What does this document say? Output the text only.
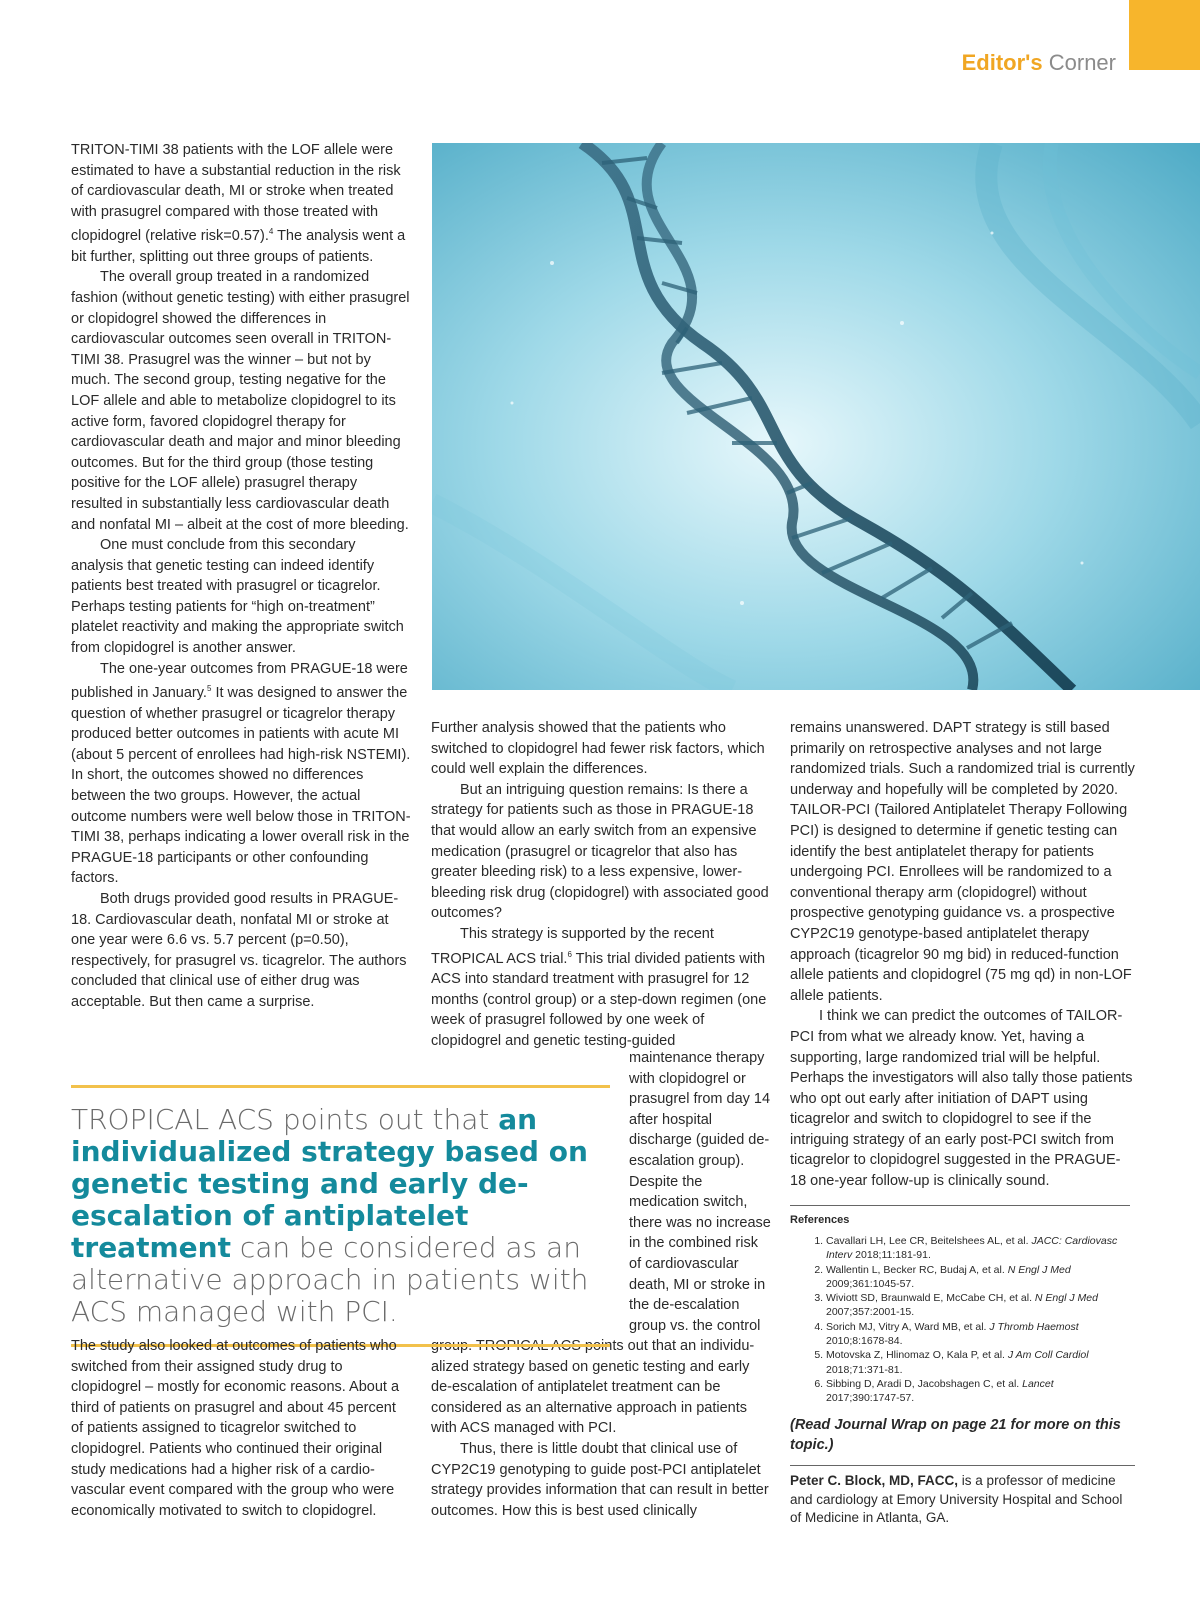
Editor's Corner

TRITON-TIMI 38 patients with the LOF allele were estimated to have a substantial reduction in the risk of cardiovascular death, MI or stroke when treated with prasugrel compared with those treated with clopidogrel (relative risk=0.57).$^4$ The analysis went a bit further, splitting out three groups of patients.

The overall group treated in a randomized fashion (without genetic testing) with either prasugrel or clopidogrel showed the differences in cardiovascular outcomes seen overall in TRITON-TIMI 38. Prasugrel was the winner – but not by much. The second group, testing negative for the LOF allele and able to metabolize clopidogrel to its active form, favored clopidogrel therapy for cardiovascular death and major and minor bleeding outcomes. But for the third group (those testing positive for the LOF allele) prasugrel therapy resulted in substantially less cardiovascular death and nonfatal MI – albeit at the cost of more bleeding.

One must conclude from this secondary analysis that genetic testing can indeed identify patients best treated with prasugrel or ticagrelor. Perhaps testing patients for “high on-treatment” platelet reactivity and making the appropriate switch from clopidogrel is another answer.

The one-year outcomes from PRAGUE-18 were published in January.$^5$ It was designed to answer the question of whether prasugrel or ticagrelor therapy produced better outcomes in patients with acute MI (about 5 percent of enrollees had high-risk NSTEMI). In short, the outcomes showed no differences between the two groups. However, the actual outcome numbers were well below those in TRITON-TIMI 38, perhaps indicating a lower overall risk in the PRAGUE-18 participants or other confounding factors.

Both drugs provided good results in PRAGUE-18. Cardiovascular death, nonfatal MI or stroke at one year were 6.6 vs. 5.7 percent (p=0.50), respectively, for prasugrel vs. ticagrelor. The authors concluded that clinical use of either drug was acceptable. But then came a surprise.

Further analysis showed that the patients who switched to clopidogrel had fewer risk factors, which could well explain the differences.

But an intriguing question remains: Is there a strategy for patients such as those in PRAGUE-18 that would allow an early switch from an expensive medication (prasugrel or ticagrelor that also has greater bleeding risk) to a less expensive, lower-bleeding risk drug (clopidogrel) with associated good outcomes?

This strategy is supported by the recent TROPICAL ACS trial.$^6$ This trial divided patients with ACS into standard treatment with prasugrel for 12 months (control group) or a step-down regimen (one week of prasugrel followed by one week of clopidogrel and genetic testing-guided

maintenance therapy with clopidogrel or prasugrel from day 14 after hospital discharge (guided de-escalation group). Despite the medication switch, there was no increase in the combined risk of cardiovascular death, MI or stroke in the de-escalation group vs. the control

group. TROPICAL ACS points out that an individu-alized strategy based on genetic testing and early de-escalation of antiplatelet treatment can be considered as an alternative approach in patients with ACS managed with PCI.

Thus, there is little doubt that clinical use of CYP2C19 genotyping to guide post-PCI antiplatelet strategy provides information that can result in better outcomes. How this is best used clinically

TROPICAL ACS points out that an individualized strategy based on genetic testing and early de-escalation of antiplatelet treatment can be considered as an alternative approach in patients with ACS managed with PCI.

The study also looked at outcomes of patients who switched from their assigned study drug to clopidogrel – mostly for economic reasons. About a third of patients on prasugrel and about 45 percent of patients assigned to ticagrelor switched to clopidogrel. Patients who continued their original study medications had a higher risk of a cardio-vascular event compared with the group who were economically motivated to switch to clopidogrel.

remains unanswered. DAPT strategy is still based primarily on retrospective analyses and not large randomized trials. Such a randomized trial is currently underway and hopefully will be completed by 2020. TAILOR-PCI (Tailored Antiplatelet Therapy Following PCI) is designed to determine if genetic testing can identify the best antiplatelet therapy for patients undergoing PCI. Enrollees will be randomized to a conventional therapy arm (clopidogrel) without prospective genotyping guidance vs. a prospective CYP2C19 genotype-based antiplatelet therapy approach (ticagrelor 90 mg bid) in reduced-function allele patients and clopidogrel (75 mg qd) in non-LOF allele patients.

I think we can predict the outcomes of TAILOR-PCI from what we already know. Yet, having a supporting, large randomized trial will be helpful. Perhaps the investigators will also tally those patients who opt out early after initiation of DAPT using ticagrelor and switch to clopidogrel to see if the intriguing strategy of an early post-PCI switch from ticagrelor to clopidogrel suggested in the PRAGUE-18 one-year follow-up is clinically sound.

References

1. Cavallari LH, Lee CR, Beitelshees AL, et al. JACC: Cardiovasc Interv 2018;11:181-91.
2. Wallentin L, Becker RC, Budaj A, et al. N Engl J Med 2009;361:1045-57.
3. Wiviott SD, Braunwald E, McCabe CH, et al. N Engl J Med 2007;357:2001-15.
4. Sorich MJ, Vitry A, Ward MB, et al. J Thromb Haemost 2010;8:1678-84.
5. Motovska Z, Hlinomaz O, Kala P, et al. J Am Coll Cardiol 2018;71:371-81.
6. Sibbing D, Aradi D, Jacobshagen C, et al. Lancet 2017;390:1747-57.
(Read Journal Wrap on page 21 for more on this topic.)
Peter C. Block, MD, FACC, is a professor of medicine and cardiology at Emory University Hospital and School of Medicine in Atlanta, GA.
